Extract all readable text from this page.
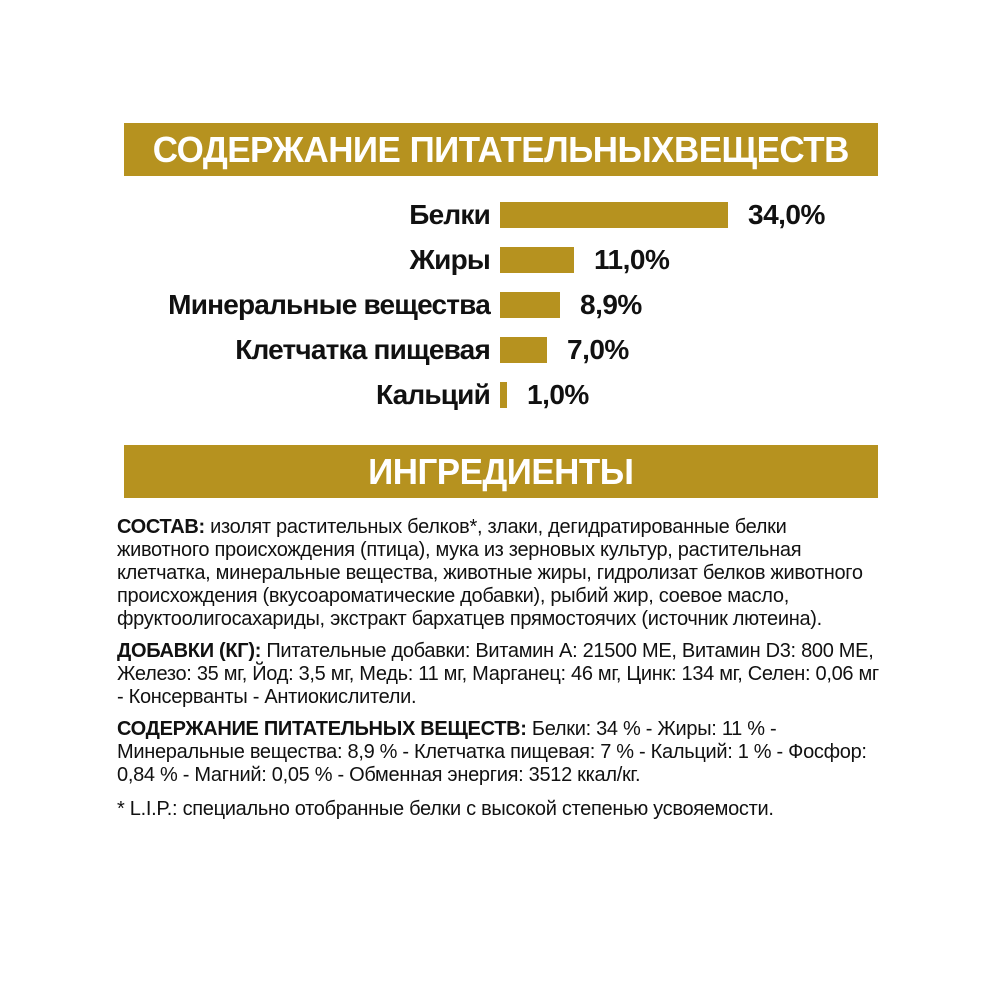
СОДЕРЖАНИЕ ПИТАТЕЛЬНЫХВЕЩЕСТВ
Белки	34,0%
Жиры	11,0%
Минеральные вещества	8,9%
Клетчатка пищевая	7,0%
Кальций	1,0%
ИНГРЕДИЕНТЫ

СОСТАВ: изолят растительных белков*, злаки, дегидратированные белки животного происхождения (птица), мука из зерновых культур, растительная клетчатка, минеральные вещества, животные жиры, гидролизат белков животного происхождения (вкусоароматические добавки), рыбий жир, соевое масло, фруктоолигосахариды, экстракт бархатцев прямостоячих (источник лютеина).

ДОБАВКИ (КГ): Питательные добавки: Витамин A: 21500 ME, Витамин D3: 800 ME, Железо: 35 мг, Йод: 3,5 мг, Медь: 11 мг, Марганец: 46 мг, Цинк: 134 мг, Селен: 0,06 мг - Консерванты - Антиокислители.

СОДЕРЖАНИЕ ПИТАТЕЛЬНЫХ ВЕЩЕСТВ: Белки: 34 % - Жиры: 11 % - Минеральные вещества: 8,9 % - Клетчатка пищевая: 7 % - Кальций: 1 % - Фосфор: 0,84 % - Магний: 0,05 % - Обменная энергия: 3512 ккал/кг.

* L.I.P.: специально отобранные белки с высокой степенью усвояемости.
